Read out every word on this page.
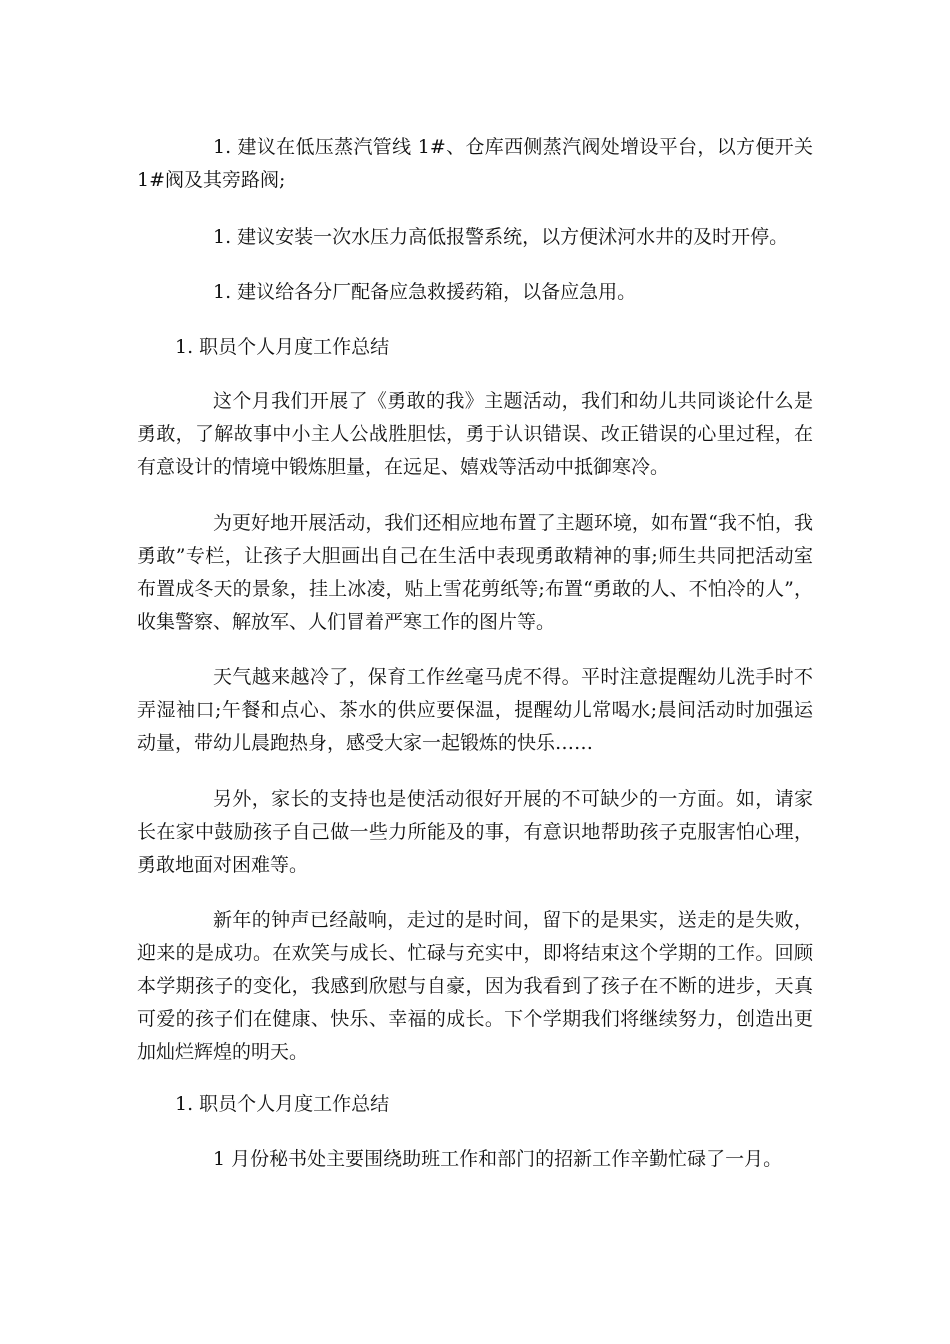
1. 建议在低压蒸汽管线 1#、仓库西侧蒸汽阀处增设平台，以方便开关 1#阀及其旁路阀;

1. 建议安装一次水压力高低报警系统，以方便沭河水井的及时开停。

1. 建议给各分厂配备应急救援药箱，以备应急用。

1. 职员个人月度工作总结

这个月我们开展了《勇敢的我》主题活动，我们和幼儿共同谈论什么是勇敢，了解故事中小主人公战胜胆怯，勇于认识错误、改正错误的心里过程，在有意设计的情境中锻炼胆量，在远足、嬉戏等活动中抵御寒冷。

为更好地开展活动，我们还相应地布置了主题环境，如布置“我不怕，我勇敢”专栏，让孩子大胆画出自己在生活中表现勇敢精神的事;师生共同把活动室布置成冬天的景象，挂上冰凌，贴上雪花剪纸等;布置“勇敢的人、不怕冷的人”，收集警察、解放军、人们冒着严寒工作的图片等。

天气越来越冷了，保育工作丝毫马虎不得。平时注意提醒幼儿洗手时不弄湿袖口;午餐和点心、茶水的供应要保温，提醒幼儿常喝水;晨间活动时加强运动量，带幼儿晨跑热身，感受大家一起锻炼的快乐……

另外，家长的支持也是使活动很好开展的不可缺少的一方面。如，请家长在家中鼓励孩子自己做一些力所能及的事，有意识地帮助孩子克服害怕心理，勇敢地面对困难等。

新年的钟声已经敲响，走过的是时间，留下的是果实，送走的是失败，迎来的是成功。在欢笑与成长、忙碌与充实中，即将结束这个学期的工作。回顾本学期孩子的变化，我感到欣慰与自豪，因为我看到了孩子在不断的进步，天真可爱的孩子们在健康、快乐、幸福的成长。下个学期我们将继续努力，创造出更加灿烂辉煌的明天。

1. 职员个人月度工作总结

1 月份秘书处主要围绕助班工作和部门的招新工作辛勤忙碌了一月。
